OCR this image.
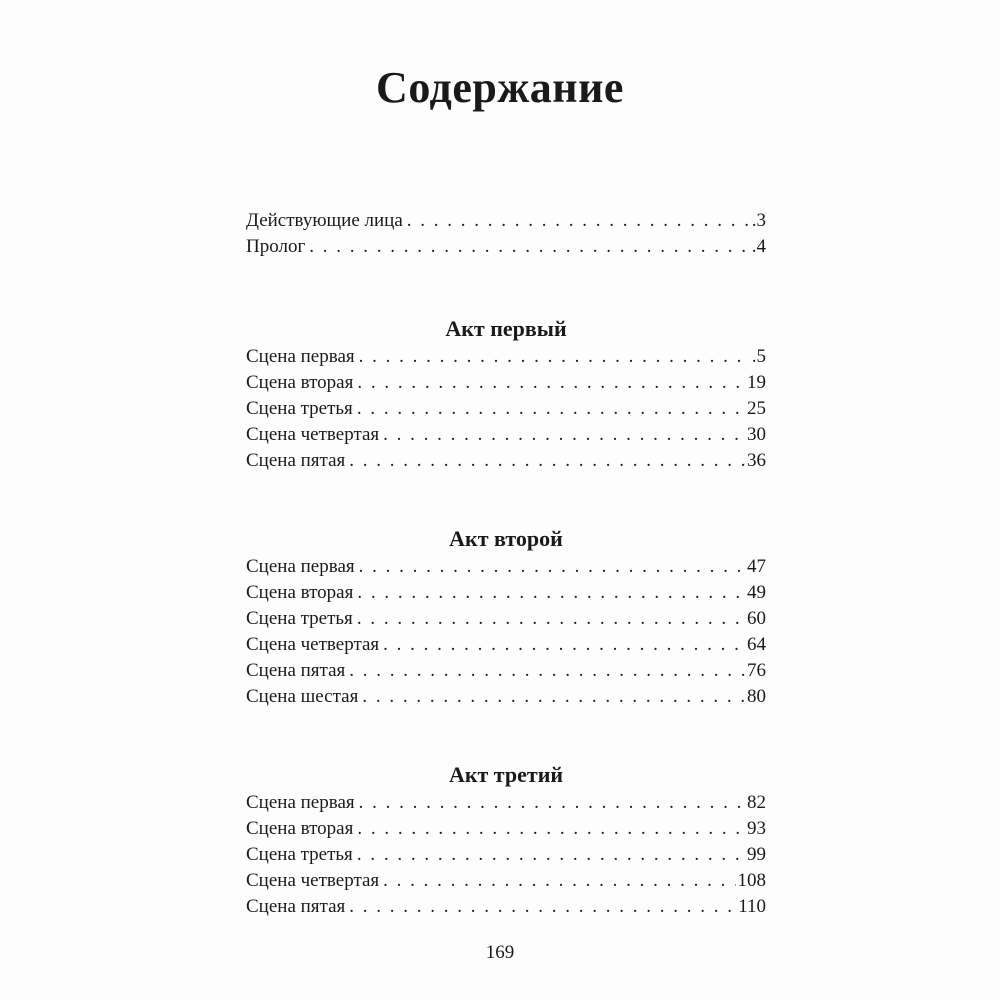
Содержание
Действующие лица . . .	.3
Пролог . . .	.4
Акт первый
Сцена первая . . .	.5
Сцена вторая . . .	19
Сцена третья . . .	25
Сцена четвертая . . .	30
Сцена пятая . . .	36
Акт второй
Сцена первая . . .	47
Сцена вторая . . .	49
Сцена третья . . .	60
Сцена четвертая . . .	64
Сцена пятая . . .	76
Сцена шестая . . .	80
Акт третий
Сцена первая . . .	82
Сцена вторая . . .	93
Сцена третья . . .	99
Сцена четвертая . . .	108
Сцена пятая . . .	110
169
